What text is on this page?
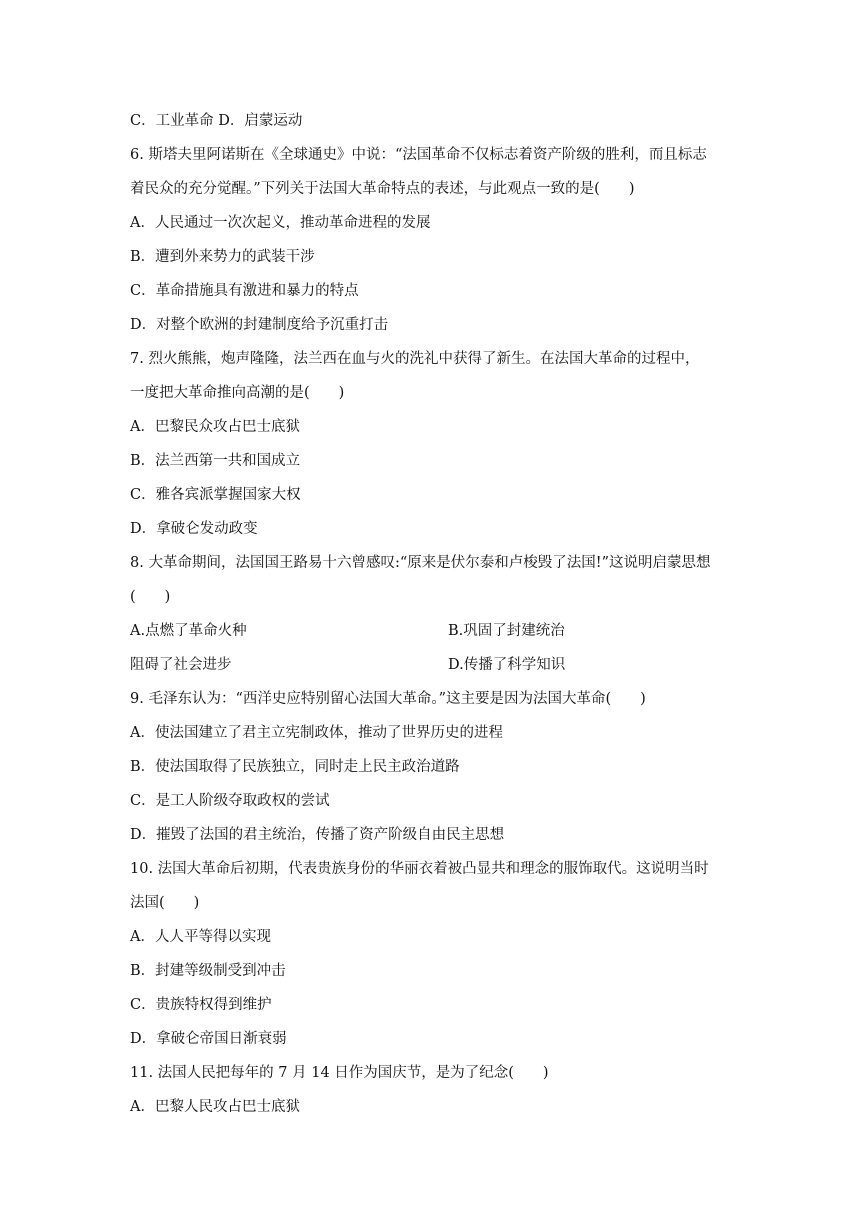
C．工业革命 D．启蒙运动
6. 斯塔夫里阿诺斯在《全球通史》中说：“法国革命不仅标志着资产阶级的胜利，而且标志
着民众的充分觉醒。”下列关于法国大革命特点的表述，与此观点一致的是(　　)
A．人民通过一次次起义，推动革命进程的发展
B．遭到外来势力的武装干涉
C．革命措施具有激进和暴力的特点
D．对整个欧洲的封建制度给予沉重打击
7. 烈火熊熊，炮声隆隆，法兰西在血与火的洗礼中获得了新生。在法国大革命的过程中，
一度把大革命推向高潮的是(　　)
A．巴黎民众攻占巴士底狱
B．法兰西第一共和国成立
C．雅各宾派掌握国家大权
D．拿破仑发动政变
8. 大革命期间，法国国王路易十六曾感叹:“原来是伏尔泰和卢梭毁了法国!”这说明启蒙思想
(　　)
A.点燃了革命火种	B.巩固了封建统治
阻碍了社会进步	D.传播了科学知识
9. 毛泽东认为：“西洋史应特别留心法国大革命。”这主要是因为法国大革命(　　)
A．使法国建立了君主立宪制政体，推动了世界历史的进程
B．使法国取得了民族独立，同时走上民主政治道路
C．是工人阶级夺取政权的尝试
D．摧毁了法国的君主统治，传播了资产阶级自由民主思想
10. 法国大革命后初期，代表贵族身份的华丽衣着被凸显共和理念的服饰取代。这说明当时
法国(　　)
A．人人平等得以实现
B．封建等级制受到冲击
C．贵族特权得到维护
D．拿破仑帝国日渐衰弱
11. 法国人民把每年的 7 月 14 日作为国庆节，是为了纪念(　　)
A．巴黎人民攻占巴士底狱
